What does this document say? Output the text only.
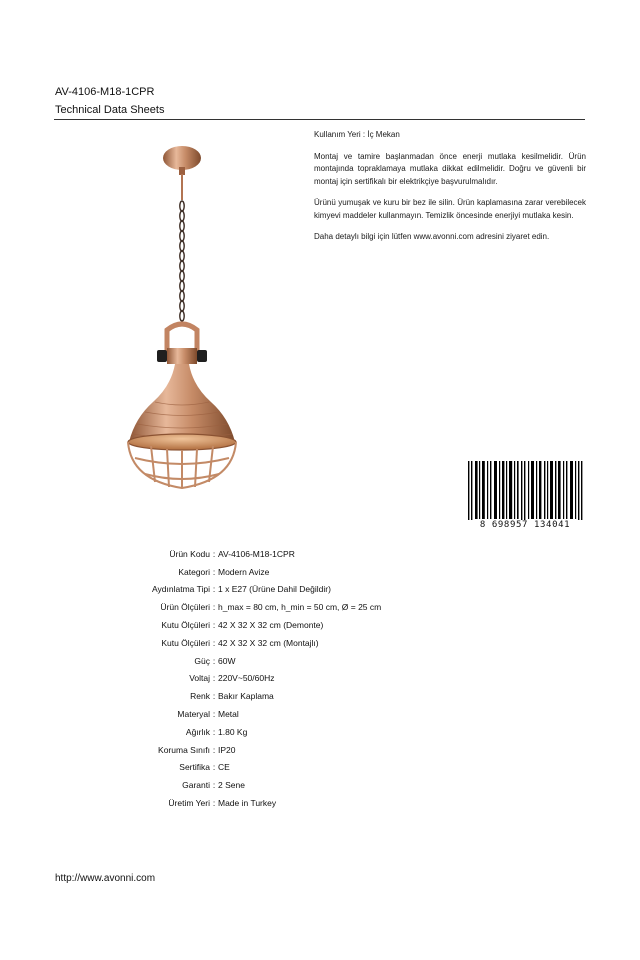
AV-4106-M18-1CPR
Technical Data Sheets

Kullanım Yeri : İç Mekan

Montaj ve tamire başlanmadan önce enerji mutlaka kesilmelidir. Ürün montajında topraklamaya mutlaka dikkat edilmelidir. Doğru ve güvenli bir montaj için sertifikalı bir elektrikçiye başvurulmalıdır.

Ürünü yumuşak ve kuru bir bez ile silin. Ürün kaplamasına zarar verebilecek kimyevi maddeler kullanmayın. Temizlik öncesinde enerjiyi mutlaka kesin.

Daha detaylı bilgi için lütfen www.avonni.com adresini ziyaret edin.

8 698957 134041
Ürün Kodu : AV-4106-M18-1CPR
Kategori : Modern Avize
Aydınlatma Tipi : 1 x E27 (Ürüne Dahil Değildir)
Ürün Ölçüleri : h_max = 80 cm, h_min = 50 cm, Ø = 25 cm
Kutu Ölçüleri : 42 X 32 X 32 cm (Demonte)
Kutu Ölçüleri : 42 X 32 X 32 cm (Montajlı)
Güç : 60W
Voltaj : 220V~50/60Hz
Renk : Bakır Kaplama
Materyal : Metal
Ağırlık : 1.80 Kg
Koruma Sınıfı : IP20
Sertifika : CE
Garanti : 2 Sene
Üretim Yeri : Made in Turkey
http://www.avonni.com
